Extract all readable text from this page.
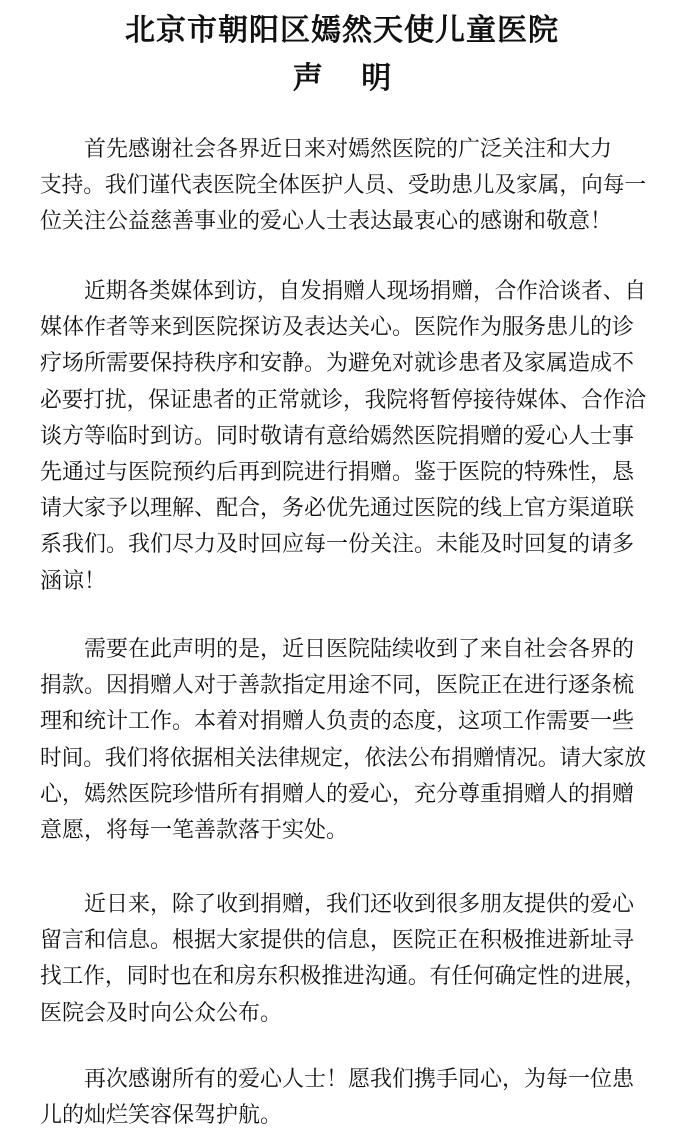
北京市朝阳区嫣然天使儿童医院
声 明
首先感谢社会各界近日来对嫣然医院的广泛关注和大力
支持。我们谨代表医院全体医护人员、受助患儿及家属，向每一
位关注公益慈善事业的爱心人士表达最衷心的感谢和敬意！
近期各类媒体到访，自发捐赠人现场捐赠，合作洽谈者、自
媒体作者等来到医院探访及表达关心。医院作为服务患儿的诊
疗场所需要保持秩序和安静。为避免对就诊患者及家属造成不
必要打扰，保证患者的正常就诊，我院将暂停接待媒体、合作洽
谈方等临时到访。同时敬请有意给嫣然医院捐赠的爱心人士事
先通过与医院预约后再到院进行捐赠。鉴于医院的特殊性，恳
请大家予以理解、配合，务必优先通过医院的线上官方渠道联
系我们。我们尽力及时回应每一份关注。未能及时回复的请多
涵谅！
需要在此声明的是，近日医院陆续收到了来自社会各界的
捐款。因捐赠人对于善款指定用途不同，医院正在进行逐条梳
理和统计工作。本着对捐赠人负责的态度，这项工作需要一些
时间。我们将依据相关法律规定，依法公布捐赠情况。请大家放
心，嫣然医院珍惜所有捐赠人的爱心，充分尊重捐赠人的捐赠
意愿，将每一笔善款落于实处。
近日来，除了收到捐赠，我们还收到很多朋友提供的爱心
留言和信息。根据大家提供的信息，医院正在积极推进新址寻
找工作，同时也在和房东积极推进沟通。有任何确定性的进展，
医院会及时向公众公布。
再次感谢所有的爱心人士！愿我们携手同心，为每一位患
儿的灿烂笑容保驾护航。
